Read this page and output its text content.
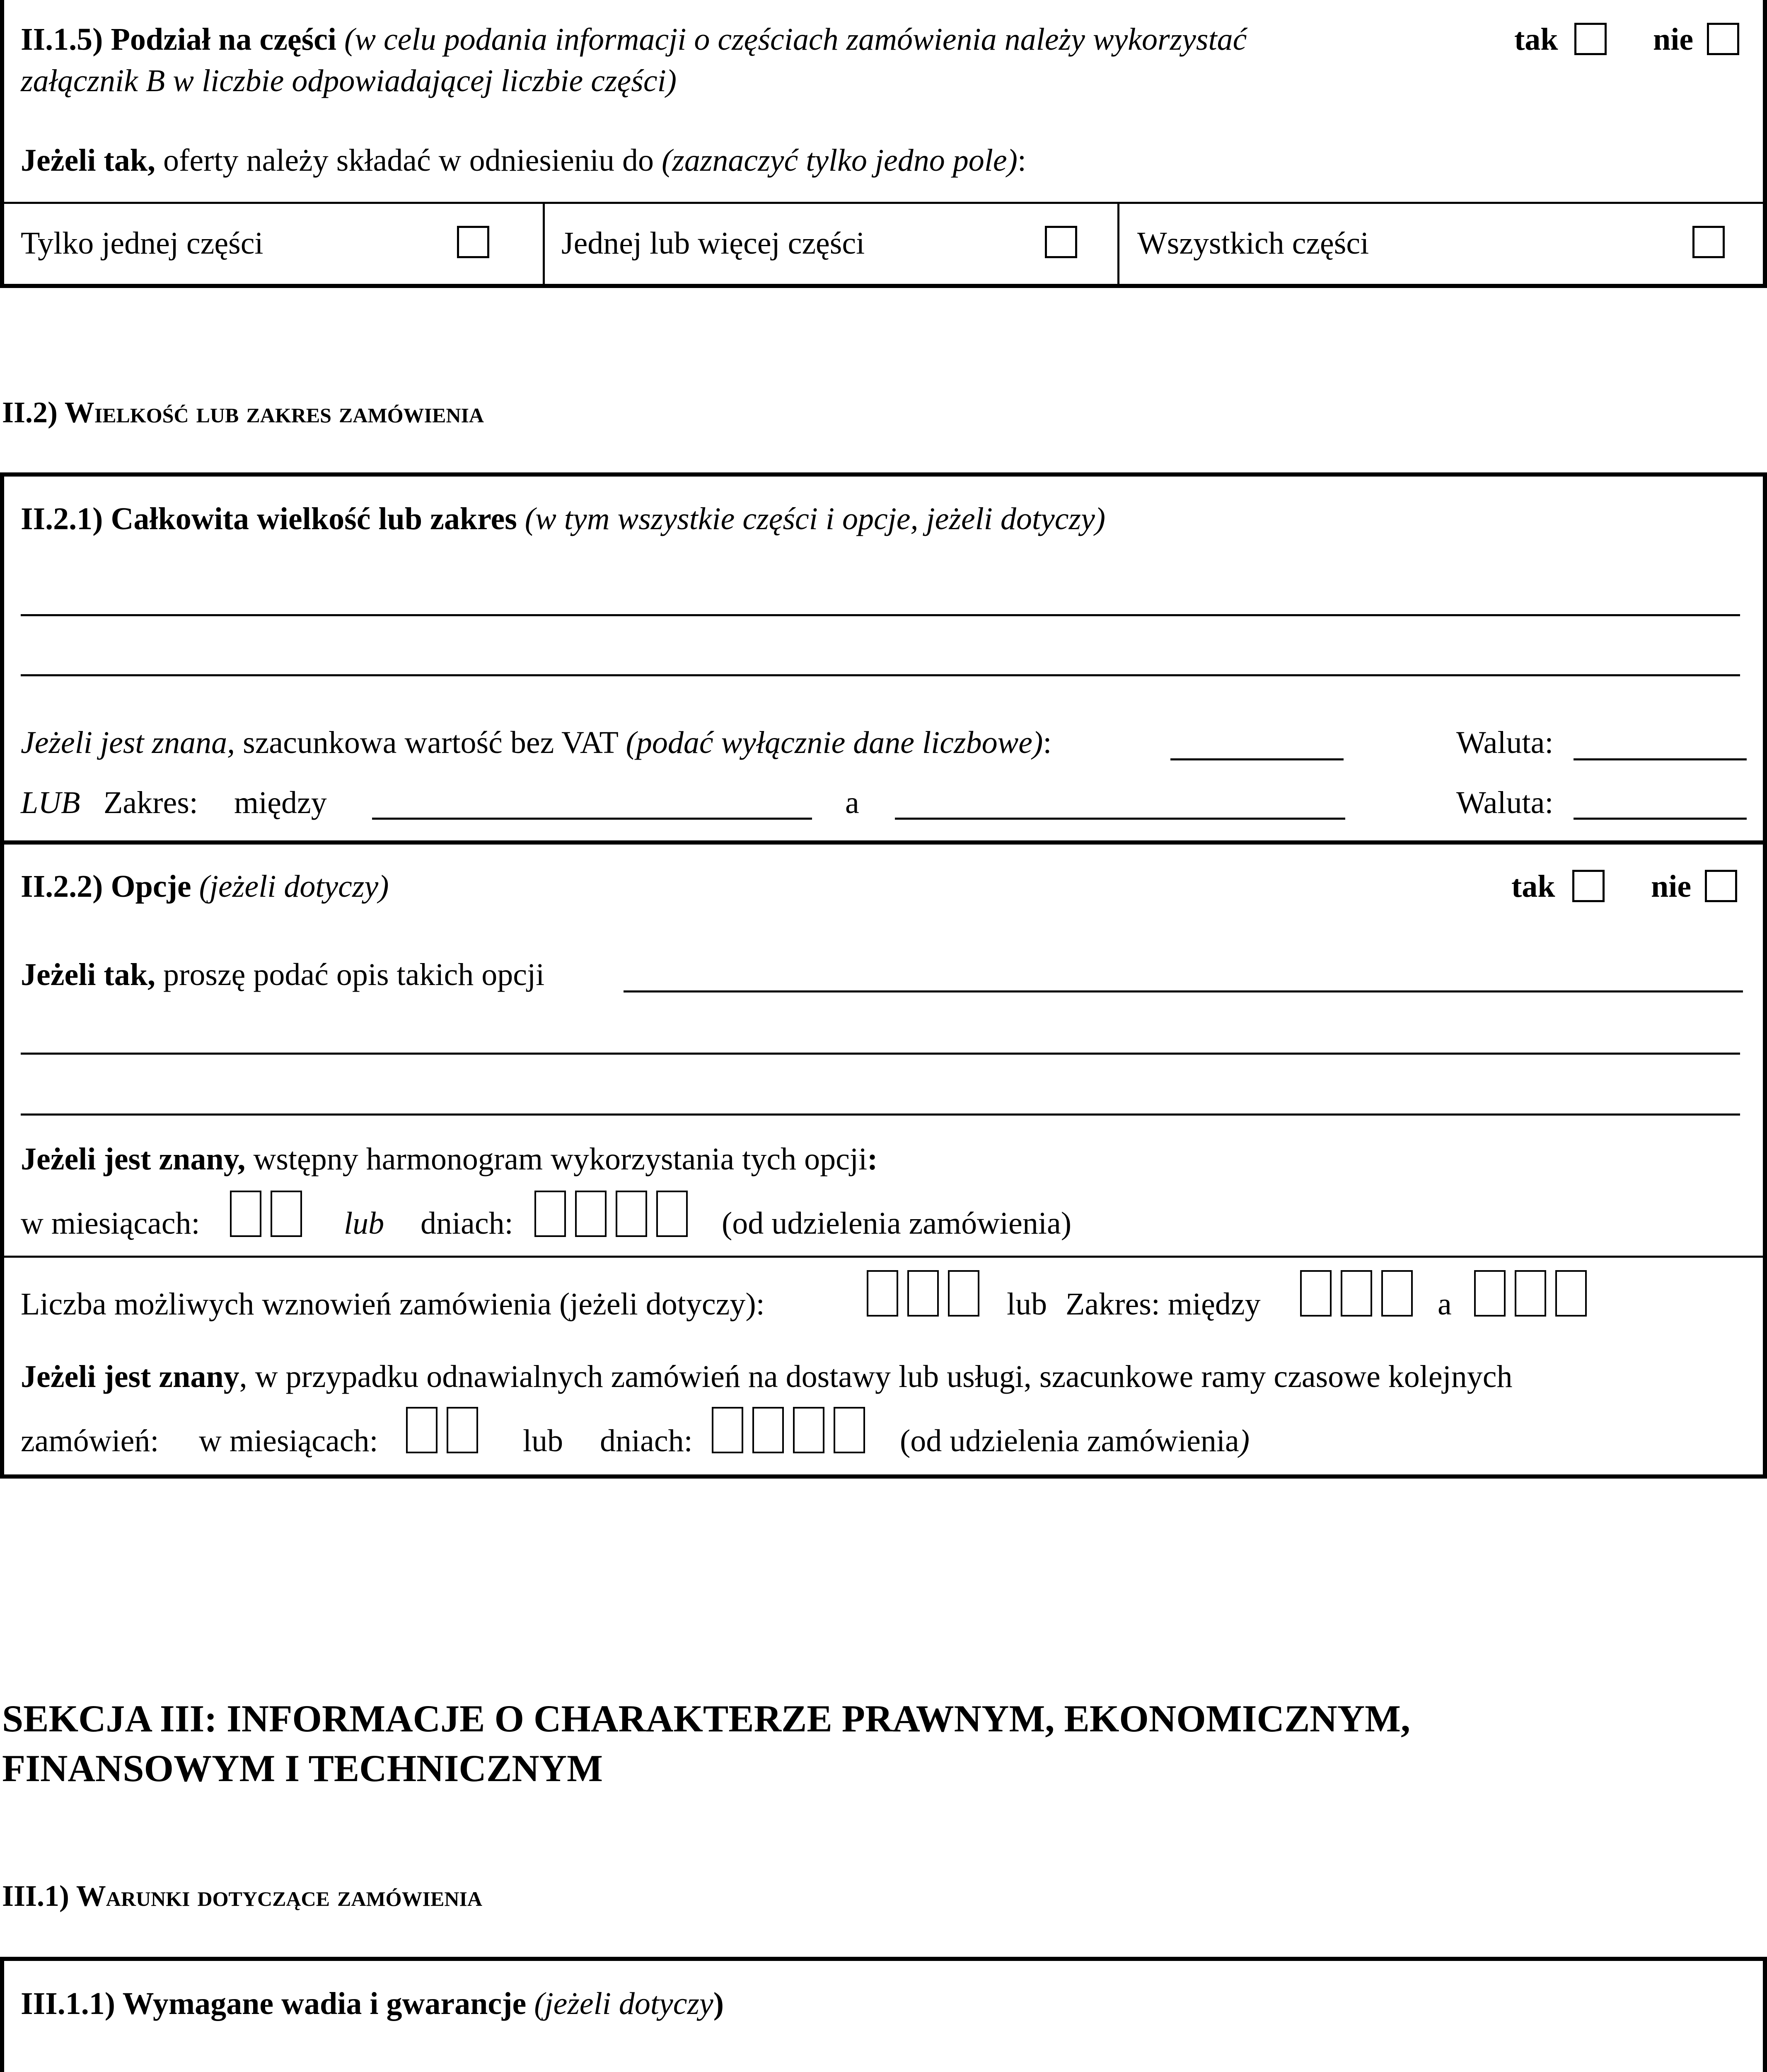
II.1.5) Podział na części (w celu podania informacji o częściach zamówienia należy wykorzystać
załącznik B w liczbie odpowiadającej liczbie części)
tak	nie
Jeżeli tak, oferty należy składać w odniesieniu do (zaznaczyć tylko jedno pole):
Tylko jednej części	Jednej lub więcej części	Wszystkich części
II.2) Wielkość lub zakres zamówienia
II.2.1) Całkowita wielkość lub zakres (w tym wszystkie części i opcje, jeżeli dotyczy)
Jeżeli jest znana, szacunkowa wartość bez VAT (podać wyłącznie dane liczbowe):	Waluta:
LUB Zakres: między	a	Waluta:
II.2.2) Opcje (jeżeli dotyczy)	tak	nie
Jeżeli tak, proszę podać opis takich opcji
Jeżeli jest znany, wstępny harmonogram wykorzystania tych opcji:
w miesiącach:	lub dniach:	(od udzielenia zamówienia)
Liczba możliwych wznowień zamówienia (jeżeli dotyczy):	lub Zakres: między	a
Jeżeli jest znany, w przypadku odnawialnych zamówień na dostawy lub usługi, szacunkowe ramy czasowe kolejnych
zamówień: w miesiącach:	lub dniach:	(od udzielenia zamówienia)
SEKCJA III: INFORMACJE O CHARAKTERZE PRAWNYM, EKONOMICZNYM,
FINANSOWYM I TECHNICZNYM
III.1) Warunki dotyczące zamówienia
III.1.1) Wymagane wadia i gwarancje (jeżeli dotyczy)
